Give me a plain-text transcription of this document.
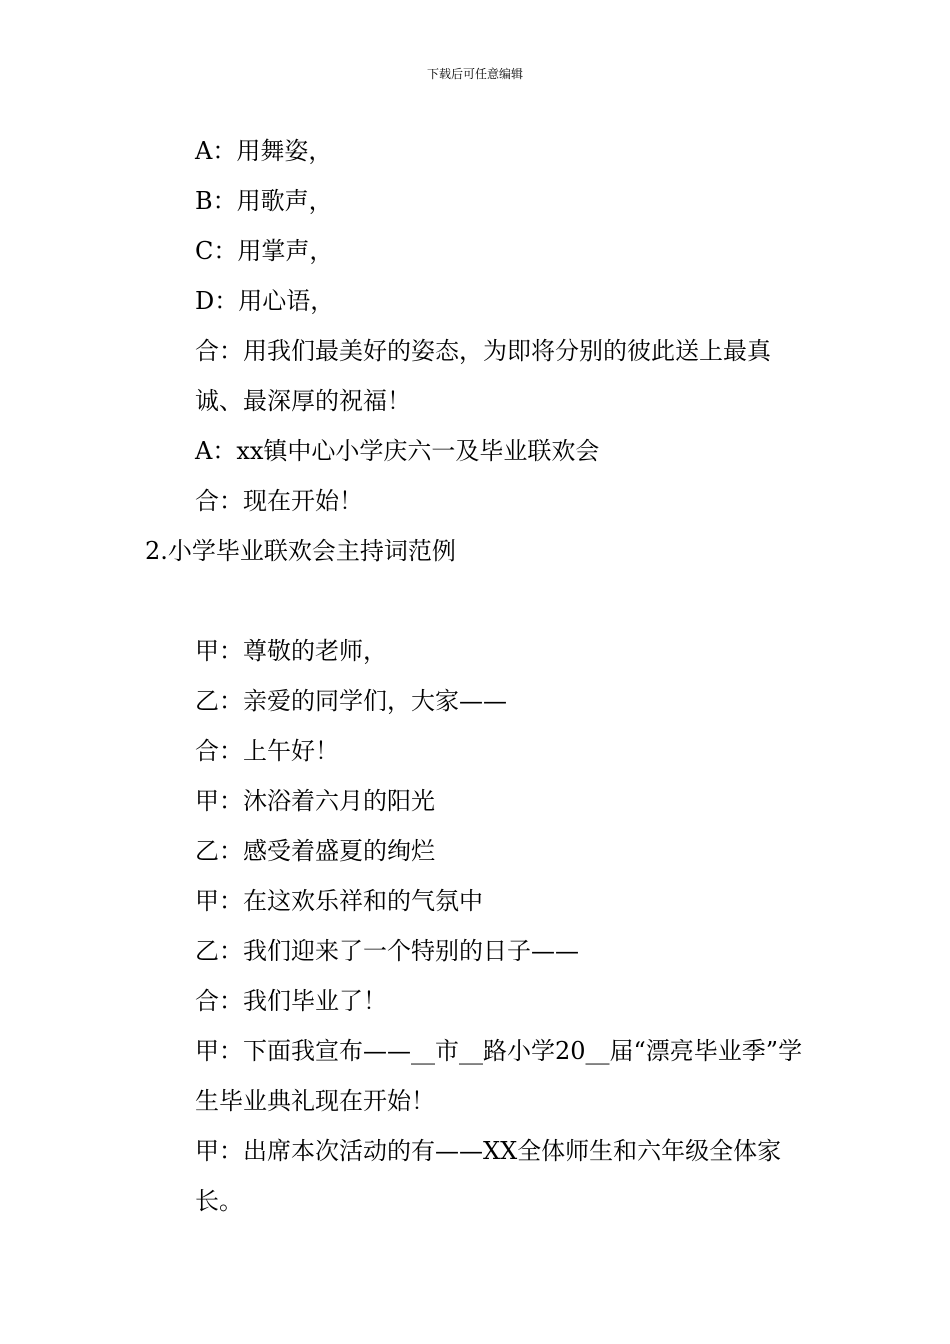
下载后可任意编辑

A：用舞姿，

B：用歌声，

C：用掌声，

D：用心语，

合：用我们最美好的姿态，为即将分别的彼此送上最真诚、最深厚的祝福！

A：xx镇中心小学庆六一及毕业联欢会

合：现在开始！

2.小学毕业联欢会主持词范例

甲：尊敬的老师，

乙：亲爱的同学们，大家——

合：上午好！

甲：沐浴着六月的阳光

乙：感受着盛夏的绚烂

甲：在这欢乐祥和的气氛中

乙：我们迎来了一个特别的日子——

合：我们毕业了！

甲：下面我宣布——__市__路小学20__届“漂亮毕业季”学生毕业典礼现在开始！

甲：出席本次活动的有——XX全体师生和六年级全体家长。
